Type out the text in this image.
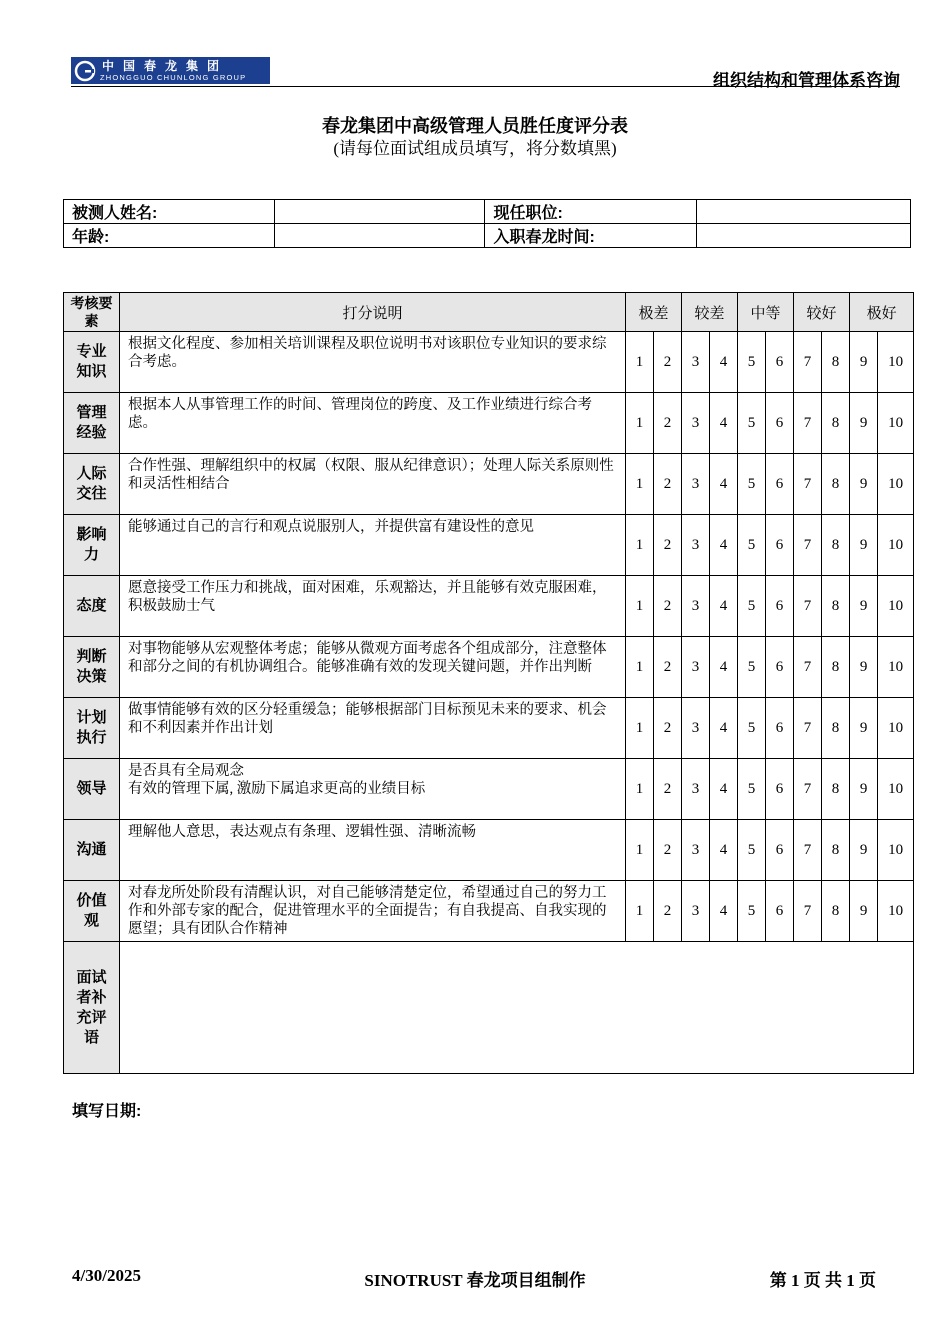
中国春龙集团
ZHONGGUO CHUNLONG GROUP	组织结构和管理体系咨询
春龙集团中高级管理人员胜任度评分表
(请每位面试组成员填写，将分数填黑)
被测人姓名:		现任职位:	
年龄:		入职春龙时间:	
考核要素	打分说明	极差		较差		中等		较好		极好	
专业知识	根据文化程度、参加相关培训课程及职位说明书对该职位专业知识的要求综合考虑。	1	2	3	4	5	6	7	8	9	10
管理经验	根据本人从事管理工作的时间、管理岗位的跨度、及工作业绩进行综合考虑。	1	2	3	4	5	6	7	8	9	10
人际交往	合作性强、理解组织中的权属（权限、服从纪律意识）；处理人际关系原则性和灵活性相结合	1	2	3	4	5	6	7	8	9	10
影响力	能够通过自己的言行和观点说服别人，并提供富有建设性的意见	1	2	3	4	5	6	7	8	9	10
态度	愿意接受工作压力和挑战，面对困难，乐观豁达，并且能够有效克服困难，积极鼓励士气	1	2	3	4	5	6	7	8	9	10
判断决策	对事物能够从宏观整体考虑；能够从微观方面考虑各个组成部分，注意整体和部分之间的有机协调组合。能够准确有效的发现关键问题，并作出判断	1	2	3	4	5	6	7	8	9	10
计划执行	做事情能够有效的区分轻重缓急；能够根据部门目标预见未来的要求、机会和不利因素并作出计划	1	2	3	4	5	6	7	8	9	10
领导	是否具有全局观念
有效的管理下属, 激励下属追求更高的业绩目标	1	2	3	4	5	6	7	8	9	10
沟通	理解他人意思，表达观点有条理、逻辑性强、清晰流畅	1	2	3	4	5	6	7	8	9	10
价值观	对春龙所处阶段有清醒认识，对自己能够清楚定位，希望通过自己的努力工作和外部专家的配合，促进管理水平的全面提告；有自我提高、自我实现的愿望；具有团队合作精神	1	2	3	4	5	6	7	8	9	10
面试者补充评语											
填写日期:
4/30/2025	SINOTRUST 春龙项目组制作	第 1 页 共 1 页
